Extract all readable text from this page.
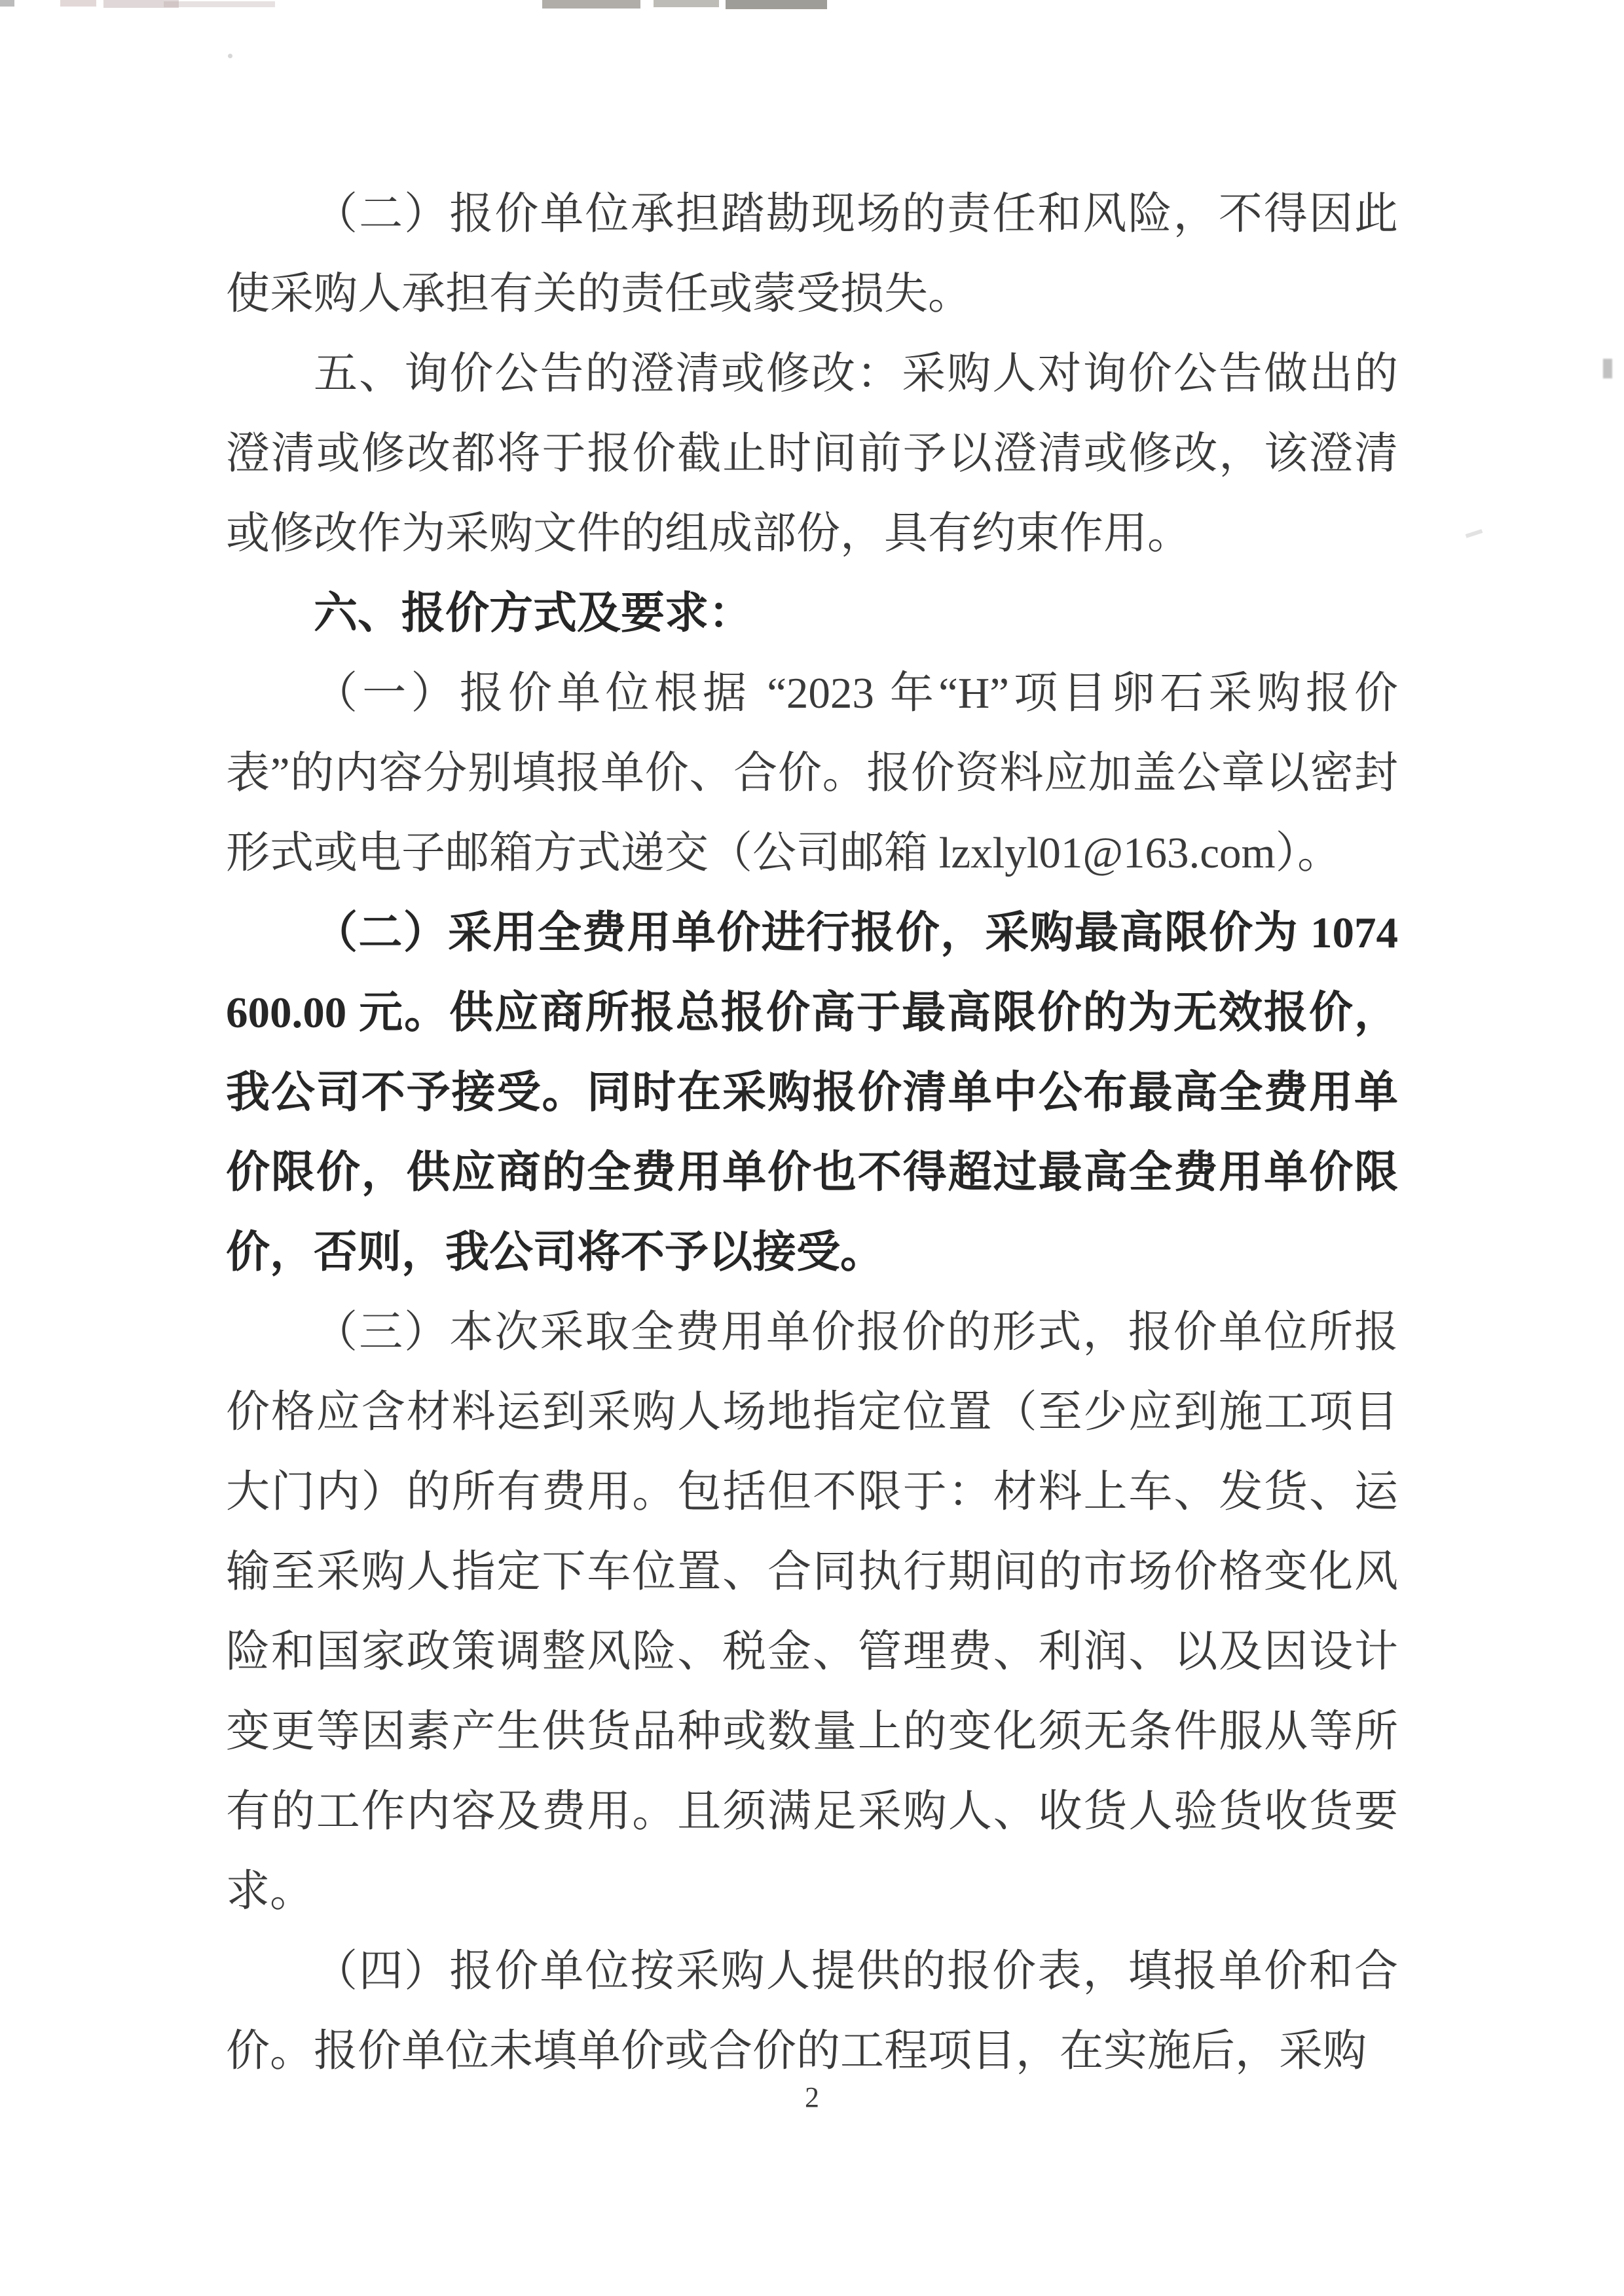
（二）报价单位承担踏勘现场的责任和风险，不得因此使采购人承担有关的责任或蒙受损失。

五、询价公告的澄清或修改：采购人对询价公告做出的澄清或修改都将于报价截止时间前予以澄清或修改，该澄清或修改作为采购文件的组成部份，具有约束作用。

六、报价方式及要求：

（一）报价单位根据 “2023 年“H”项目卵石采购报价表”的内容分别填报单价、合价。报价资料应加盖公章以密封形式或电子邮箱方式递交（公司邮箱 lzxlyl01@163.com）。

（二）采用全费用单价进行报价，采购最高限价为 1074600.00 元。供应商所报总报价高于最高限价的为无效报价，我公司不予接受。同时在采购报价清单中公布最高全费用单价限价，供应商的全费用单价也不得超过最高全费用单价限价，否则，我公司将不予以接受。

（三）本次采取全费用单价报价的形式，报价单位所报价格应含材料运到采购人场地指定位置（至少应到施工项目大门内）的所有费用。包括但不限于：材料上车、发货、运输至采购人指定下车位置、合同执行期间的市场价格变化风险和国家政策调整风险、税金、管理费、利润、以及因设计变更等因素产生供货品种或数量上的变化须无条件服从等所有的工作内容及费用。且须满足采购人、收货人验货收货要求。

（四）报价单位按采购人提供的报价表，填报单价和合价。报价单位未填单价或合价的工程项目，在实施后，采购

2
